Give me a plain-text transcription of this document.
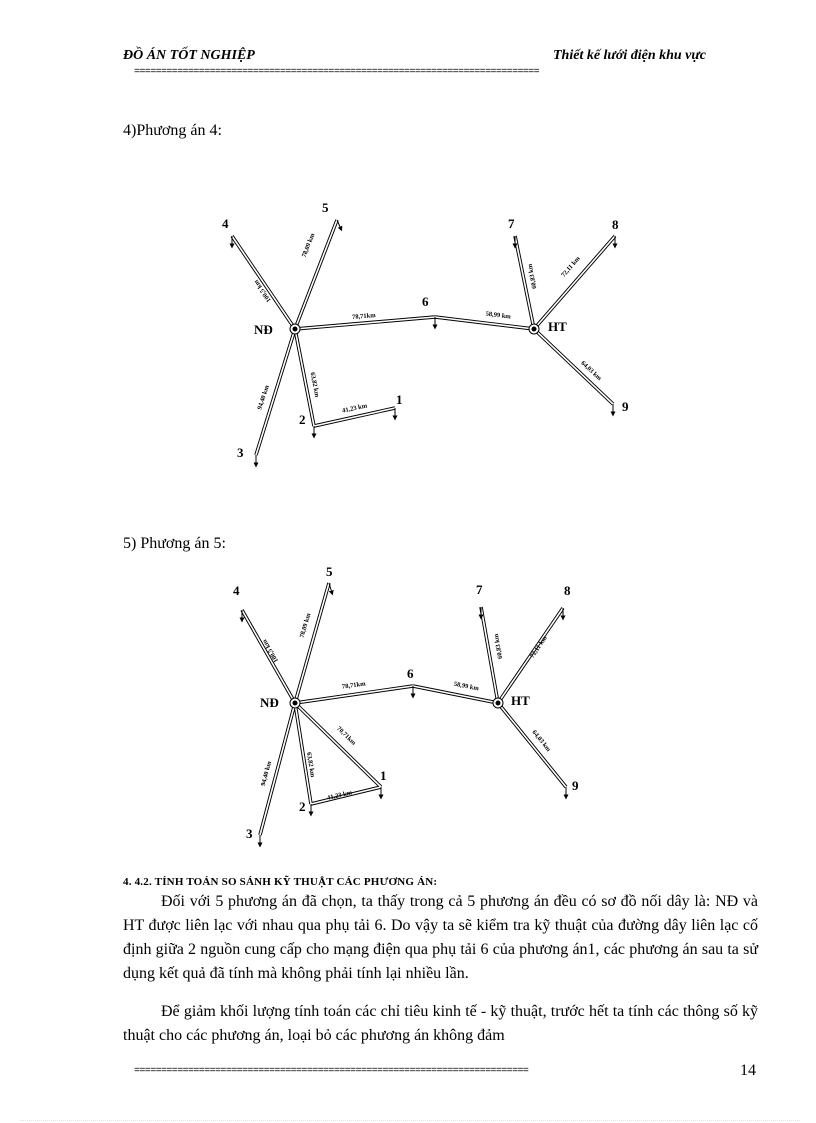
ĐỒ ÁN TỐT NGHIỆP	Thiết kế lưới điện khu vực
===========================================================================
4)Phương án 4:
4
5
6
NĐ	HT
2
1
3
7	8
9
100,5 km
78,09 km
78,71km
63,82 km
94,40 km	41,23 km
58,99 km
60,83 km	72,11 km
64,03 km
5) Phương án 5:
4
5
6
NĐ	HT
1
2
3
7	8
9
100,5 km
78,09 km
78,71km
70,71km
63,82 km
94,40 km
41,23 km
58,99 km
60,83 km	72,11 km
64,03 km
4. 4.2. TÍNH TOÁN SO SÁNH KỸ THUẬT CÁC PHƯƠNG ÁN:
Đối với 5 phương án đã chọn, ta thấy trong cả 5 phương án đều có sơ đồ nối dây là: NĐ và HT được liên lạc với nhau qua phụ tải 6. Do vậy ta sẽ kiểm tra kỹ thuật của đường dây liên lạc cố định giữa 2 nguồn cung cấp cho mạng điện qua phụ tải 6 của phương án1, các phương án sau ta sử dụng kết quả đã tính mà không phải tính lại nhiều lần.
Để giảm khối lượng tính toán các chỉ tiêu kinh tế - kỹ thuật, trước hết ta tính các thông số kỹ thuật cho các phương án, loại bỏ các phương án không đảm
=========================================================================	14
